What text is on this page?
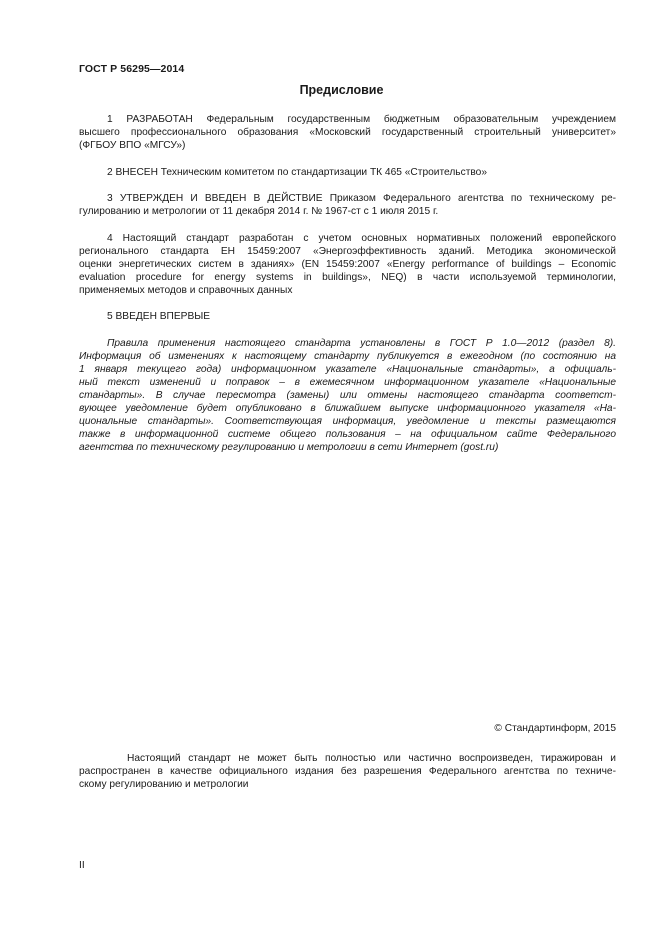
ГОСТ Р 56295—2014
Предисловие
1 РАЗРАБОТАН Федеральным государственным бюджетным образовательным учреждением
высшего профессионального образования «Московский государственный строительный университет»
(ФГБОУ ВПО «МГСУ»)
2 ВНЕСЕН Техническим комитетом по стандартизации ТК 465 «Строительство»
3 УТВЕРЖДЕН И ВВЕДЕН В ДЕЙСТВИЕ Приказом Федерального агентства по техническому ре-
гулированию и метрологии от 11 декабря 2014 г. № 1967-ст с 1 июля 2015 г.
4 Настоящий стандарт разработан с учетом основных нормативных положений европейского
регионального стандарта ЕН 15459:2007 «Энергоэффективность зданий. Методика экономической
оценки энергетических систем в зданиях» (EN 15459:2007 «Energy performance of buildings – Economic
evaluation procedure for energy systems in buildings», NEQ) в части используемой терминологии,
применяемых методов и справочных данных
5 ВВЕДЕН ВПЕРВЫЕ
Правила применения настоящего стандарта установлены в ГОСТ Р 1.0—2012 (раздел 8).
Информация об изменениях к настоящему стандарту публикуется в ежегодном (по состоянию на
1 января текущего года) информационном указателе «Национальные стандарты», а официаль-
ный текст изменений и поправок – в ежемесячном информационном указателе «Национальные
стандарты». В случае пересмотра (замены) или отмены настоящего стандарта соответст-
вующее уведомление будет опубликовано в ближайшем выпуске информационного указателя «На-
циональные стандарты». Соответствующая информация, уведомление и тексты размещаются
также в информационной системе общего пользования – на официальном сайте Федерального
агентства по техническому регулированию и метрологии в сети Интернет (gost.ru)
© Стандартинформ, 2015
Настоящий стандарт не может быть полностью или частично воспроизведен, тиражирован и
распространен в качестве официального издания без разрешения Федерального агентства по техниче-
скому регулированию и метрологии
II
